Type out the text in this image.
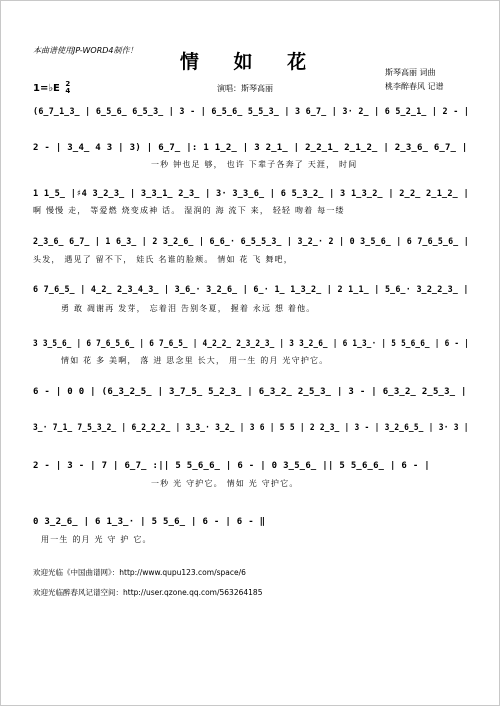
本曲谱使用JP-WORD4制作！
情 如 花	斯琴高丽 词曲
桃李醉春风 记谱
演唱：斯琴高丽
1=♭E 2
4
(6̲7̲1̲3̲ | 6̲5̲6̲ 6̲5̲3̲ | 3 - | 6̲5̲6̲ 5̲5̲3̲ | 3 6̲7̲ | 3· 2̲ | 6 5̲2̲1̲ | 2 - |
2 - | 3̲4̲ 4 3 | 3) | 6̲7̲ |: 1 1̲2̲ | 3 2̲1̲ | 2̲2̲1̲ 2̲1̲2̲ | 2̲3̲6̲ 6̲7̲ |
一秒 钟也足 够， 也许 下辈子各奔了 天涯， 时间
1 1̲5̲ |♯4 3̲2̲3̲ | 3̲3̲1̲ 2̲3̲ | 3· 3̲3̲6̲ | 6 5̲3̲2̲ | 3 1̲3̲2̲ | 2̲2̲ 2̲1̲2̲ |
啊 慢慢 走， 等爱燃 烧变成神 话。 湿润的 海 流下 来， 轻轻 吻着 每一缕
2̲3̲6̲ 6̲7̲ | 1 6̲3̲ | 2 3̲2̲6̲ | 6̲6̲· 6̲5̲5̲3̲ | 3̲2̲· 2 | 0 3̲5̲6̲ | 6 7̲6̲5̲6̲ |
头发， 遇见了 留不下， 娃氏 名谁的脸颊。 情如 花 飞 舞吧，
6 7̲6̲5̲ | 4̲2̲ 2̲3̲4̲3̲ | 3̲6̲· 3̲2̲6̲ | 6̲· 1̲ 1̲3̲2̲ | 2 1̲1̲ | 5̲6̲· 3̲2̲2̲3̲ |
勇 敢 凋谢再 发芽， 忘着泪 告别冬夏， 握着 永远 想 着他。
3 3̲5̲6̲ | 6 7̲6̲5̲6̲ | 6 7̲6̲5̲ | 4̲2̲2̲ 2̲3̲2̲3̲ | 3 3̲2̲6̲ | 6 1̲3̲· | 5 5̲6̲6̲ | 6 - |
情如 花 多 美啊， 落 进 思念里 长大， 用一生 的月 光守护它。
6 - | 0 0 | (6̲3̲2̲5̲ | 3̲7̲5̲ 5̲2̲3̲ | 6̲3̲2̲ 2̲5̲3̲ | 3 - | 6̲3̲2̲ 2̲5̲3̲ |
3̲· 7̲1̲ 7̲5̲3̲2̲ | 6̲2̲2̲2̲ | 3̲3̲· 3̲2̲ | 3 6 | 5 5 | 2 2̲3̲ | 3 - | 3̲2̲6̲5̲ | 3· 3 |
2 - | 3 - | 7 | 6̲7̲ :|| 5 5̲6̲6̲ | 6 - | 0 3̲5̲6̲ || 5 5̲6̲6̲ | 6 - |
一秒 光 守护它。 情如 光 守护它。
0 3̲2̲6̲ | 6 1̲3̲· | 5 5̲6̲ | 6 - | 6 - ‖
用一生 的月 光 守 护 它。
欢迎光临《中国曲谱网》：http://www.qupu123.com/space/6
欢迎光临醉春风记谱空间：http://user.qzone.qq.com/563264185
